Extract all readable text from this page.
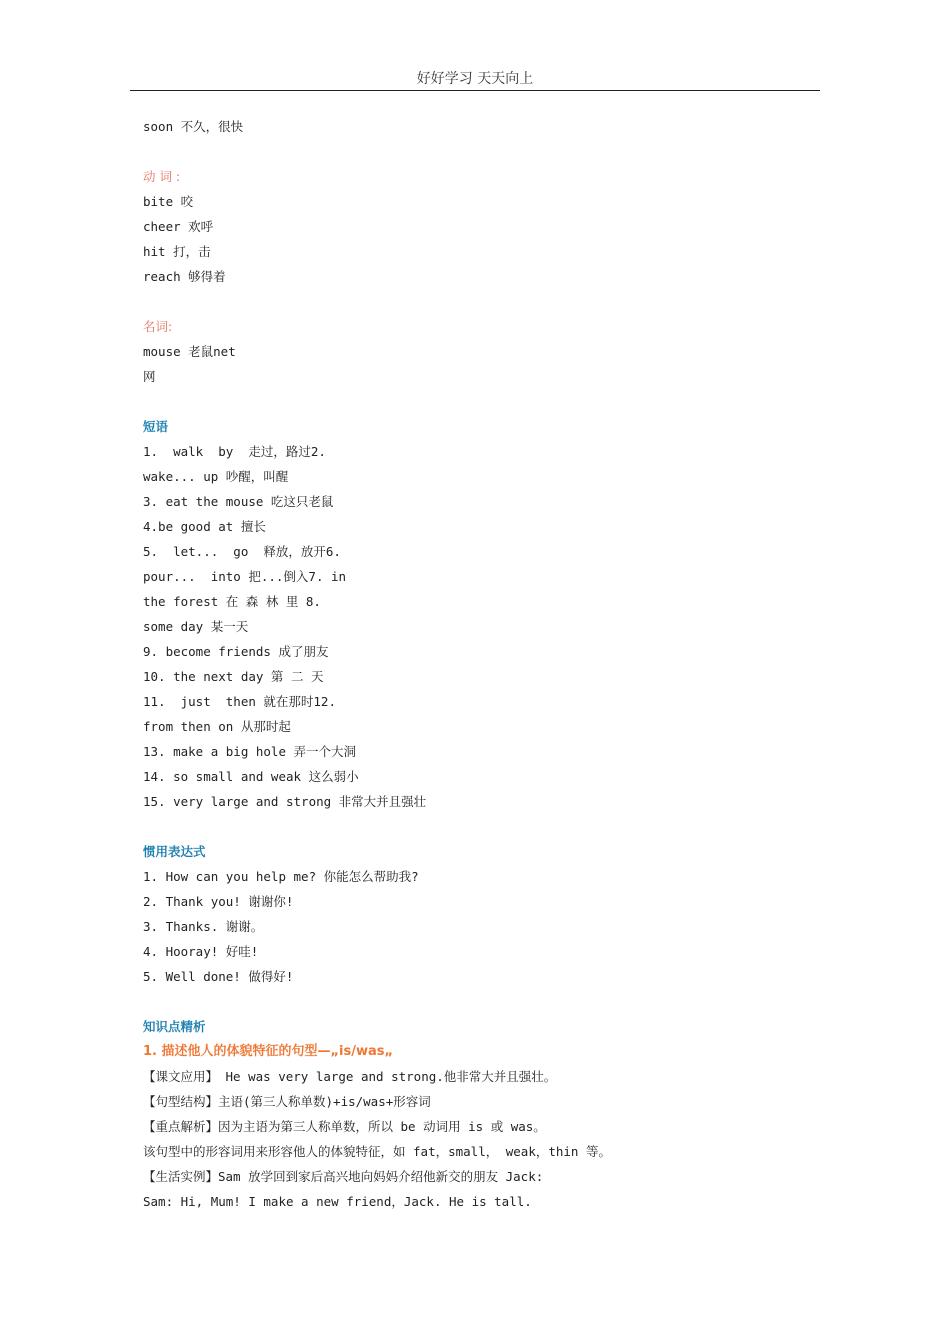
好好学习 天天向上
soon 不久，很快
动 词 :
bite 咬
cheer 欢呼
hit 打，击
reach 够得着
名词:
mouse 老鼠net
网
短语
1.  walk  by  走过，路过2.
wake... up 吵醒，叫醒
3. eat the mouse 吃这只老鼠
4.be good at 擅长
5.  let...  go  释放，放开6.
pour...  into 把...倒入7. in
the forest 在 森 林 里 8.
some day 某一天
9. become friends 成了朋友
10. the next day 第 二 天
11.  just  then 就在那时12.
from then on 从那时起
13. make a big hole 弄一个大洞
14. so small and weak 这么弱小
15. very large and strong 非常大并且强壮
惯用表达式
1. How can you help me? 你能怎么帮助我?
2. Thank you! 谢谢你!
3. Thanks. 谢谢。
4. Hooray! 好哇!
5. Well done! 做得好!
知识点精析
1. 描述他人的体貌特征的句型—„is/was„
【课文应用】 He was very large and strong.他非常大并且强壮。
【句型结构】主语(第三人称单数)+is/was+形容词
【重点解析】因为主语为第三人称单数，所以 be 动词用 is 或 was。
该句型中的形容词用来形容他人的体貌特征，如 fat，small， weak，thin 等。
【生活实例】Sam 放学回到家后高兴地向妈妈介绍他新交的朋友 Jack:
Sam: Hi, Mum! I make a new friend，Jack. He is tall.
